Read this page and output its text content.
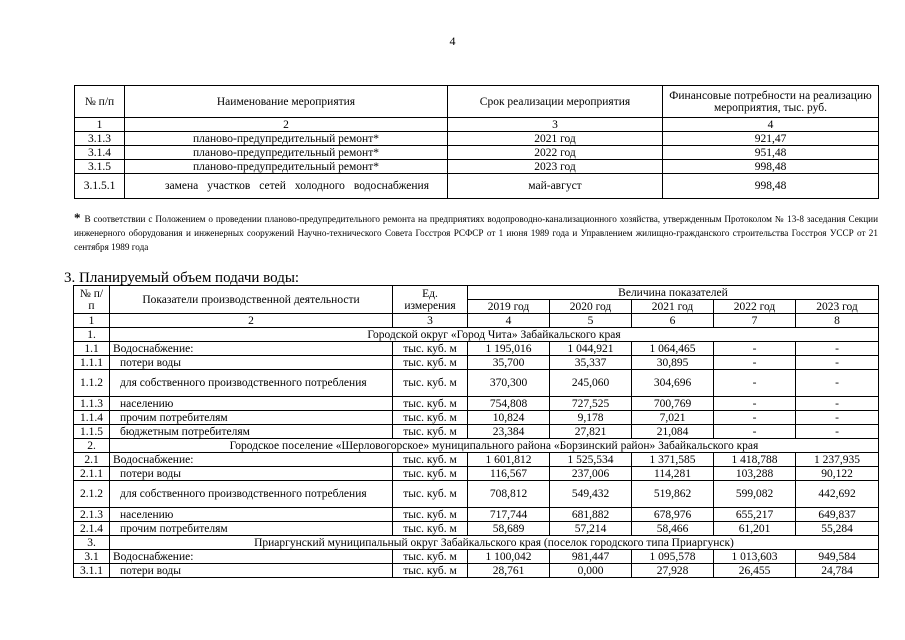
4
№ п/п	Наименование мероприятия	Срок реализации мероприятия	Финансовые потребности на реализацию мероприятия, тыс. руб.
1	2	3	4
3.1.3	планово-предупредительный ремонт*	2021 год	921,47
3.1.4	планово-предупредительный ремонт*	2022 год	951,48
3.1.5	планово-предупредительный ремонт*	2023 год	998,48
3.1.5.1	замена участков сетей холодного водоснабжения	май-август	998,48
* В соответствии с Положением о проведении планово-предупредительного ремонта на предприятиях водопроводно-канализационного хозяйства, утвержденным Протоколом № 13-8 заседания Секции инженерного оборудования и инженерных сооружений Научно-технического Совета Госстроя РСФСР от 1 июня 1989 года и Управлением жилищно-гражданского строительства Госстроя УССР от 21 сентября 1989 года
3. Планируемый объем подачи воды:
№ п/п	Показатели производственной деятельности	Ед. измерения	Величина показателей				
			2019 год	2020 год	2021 год	2022 год	2023 год
1	2	3	4	5	6	7	8
1.	Городской округ «Город Чита» Забайкальского края						
1.1	Водоснабжение:	тыс. куб. м	1 195,016	1 044,921	1 064,465	-	-
1.1.1	потери воды	тыс. куб. м	35,700	35,337	30,895	-	-
1.1.2	для собственного производственного потребления	тыс. куб. м	370,300	245,060	304,696	-	-
1.1.3	населению	тыс. куб. м	754,808	727,525	700,769	-	-
1.1.4	прочим потребителям	тыс. куб. м	10,824	9,178	7,021	-	-
1.1.5	бюджетным потребителям	тыс. куб. м	23,384	27,821	21,084	-	-
2.	Городское поселение «Шерловогорское» муниципального района «Борзинский район» Забайкальского края						
2.1	Водоснабжение:	тыс. куб. м	1 601,812	1 525,534	1 371,585	1 418,788	1 237,935
2.1.1	потери воды	тыс. куб. м	116,567	237,006	114,281	103,288	90,122
2.1.2	для собственного производственного потребления	тыс. куб. м	708,812	549,432	519,862	599,082	442,692
2.1.3	населению	тыс. куб. м	717,744	681,882	678,976	655,217	649,837
2.1.4	прочим потребителям	тыс. куб. м	58,689	57,214	58,466	61,201	55,284
3.	Приаргунский муниципальный округ Забайкальского края (поселок городского типа Приаргунск)						
3.1	Водоснабжение:	тыс. куб. м	1 100,042	981,447	1 095,578	1 013,603	949,584
3.1.1	потери воды	тыс. куб. м	28,761	0,000	27,928	26,455	24,784
